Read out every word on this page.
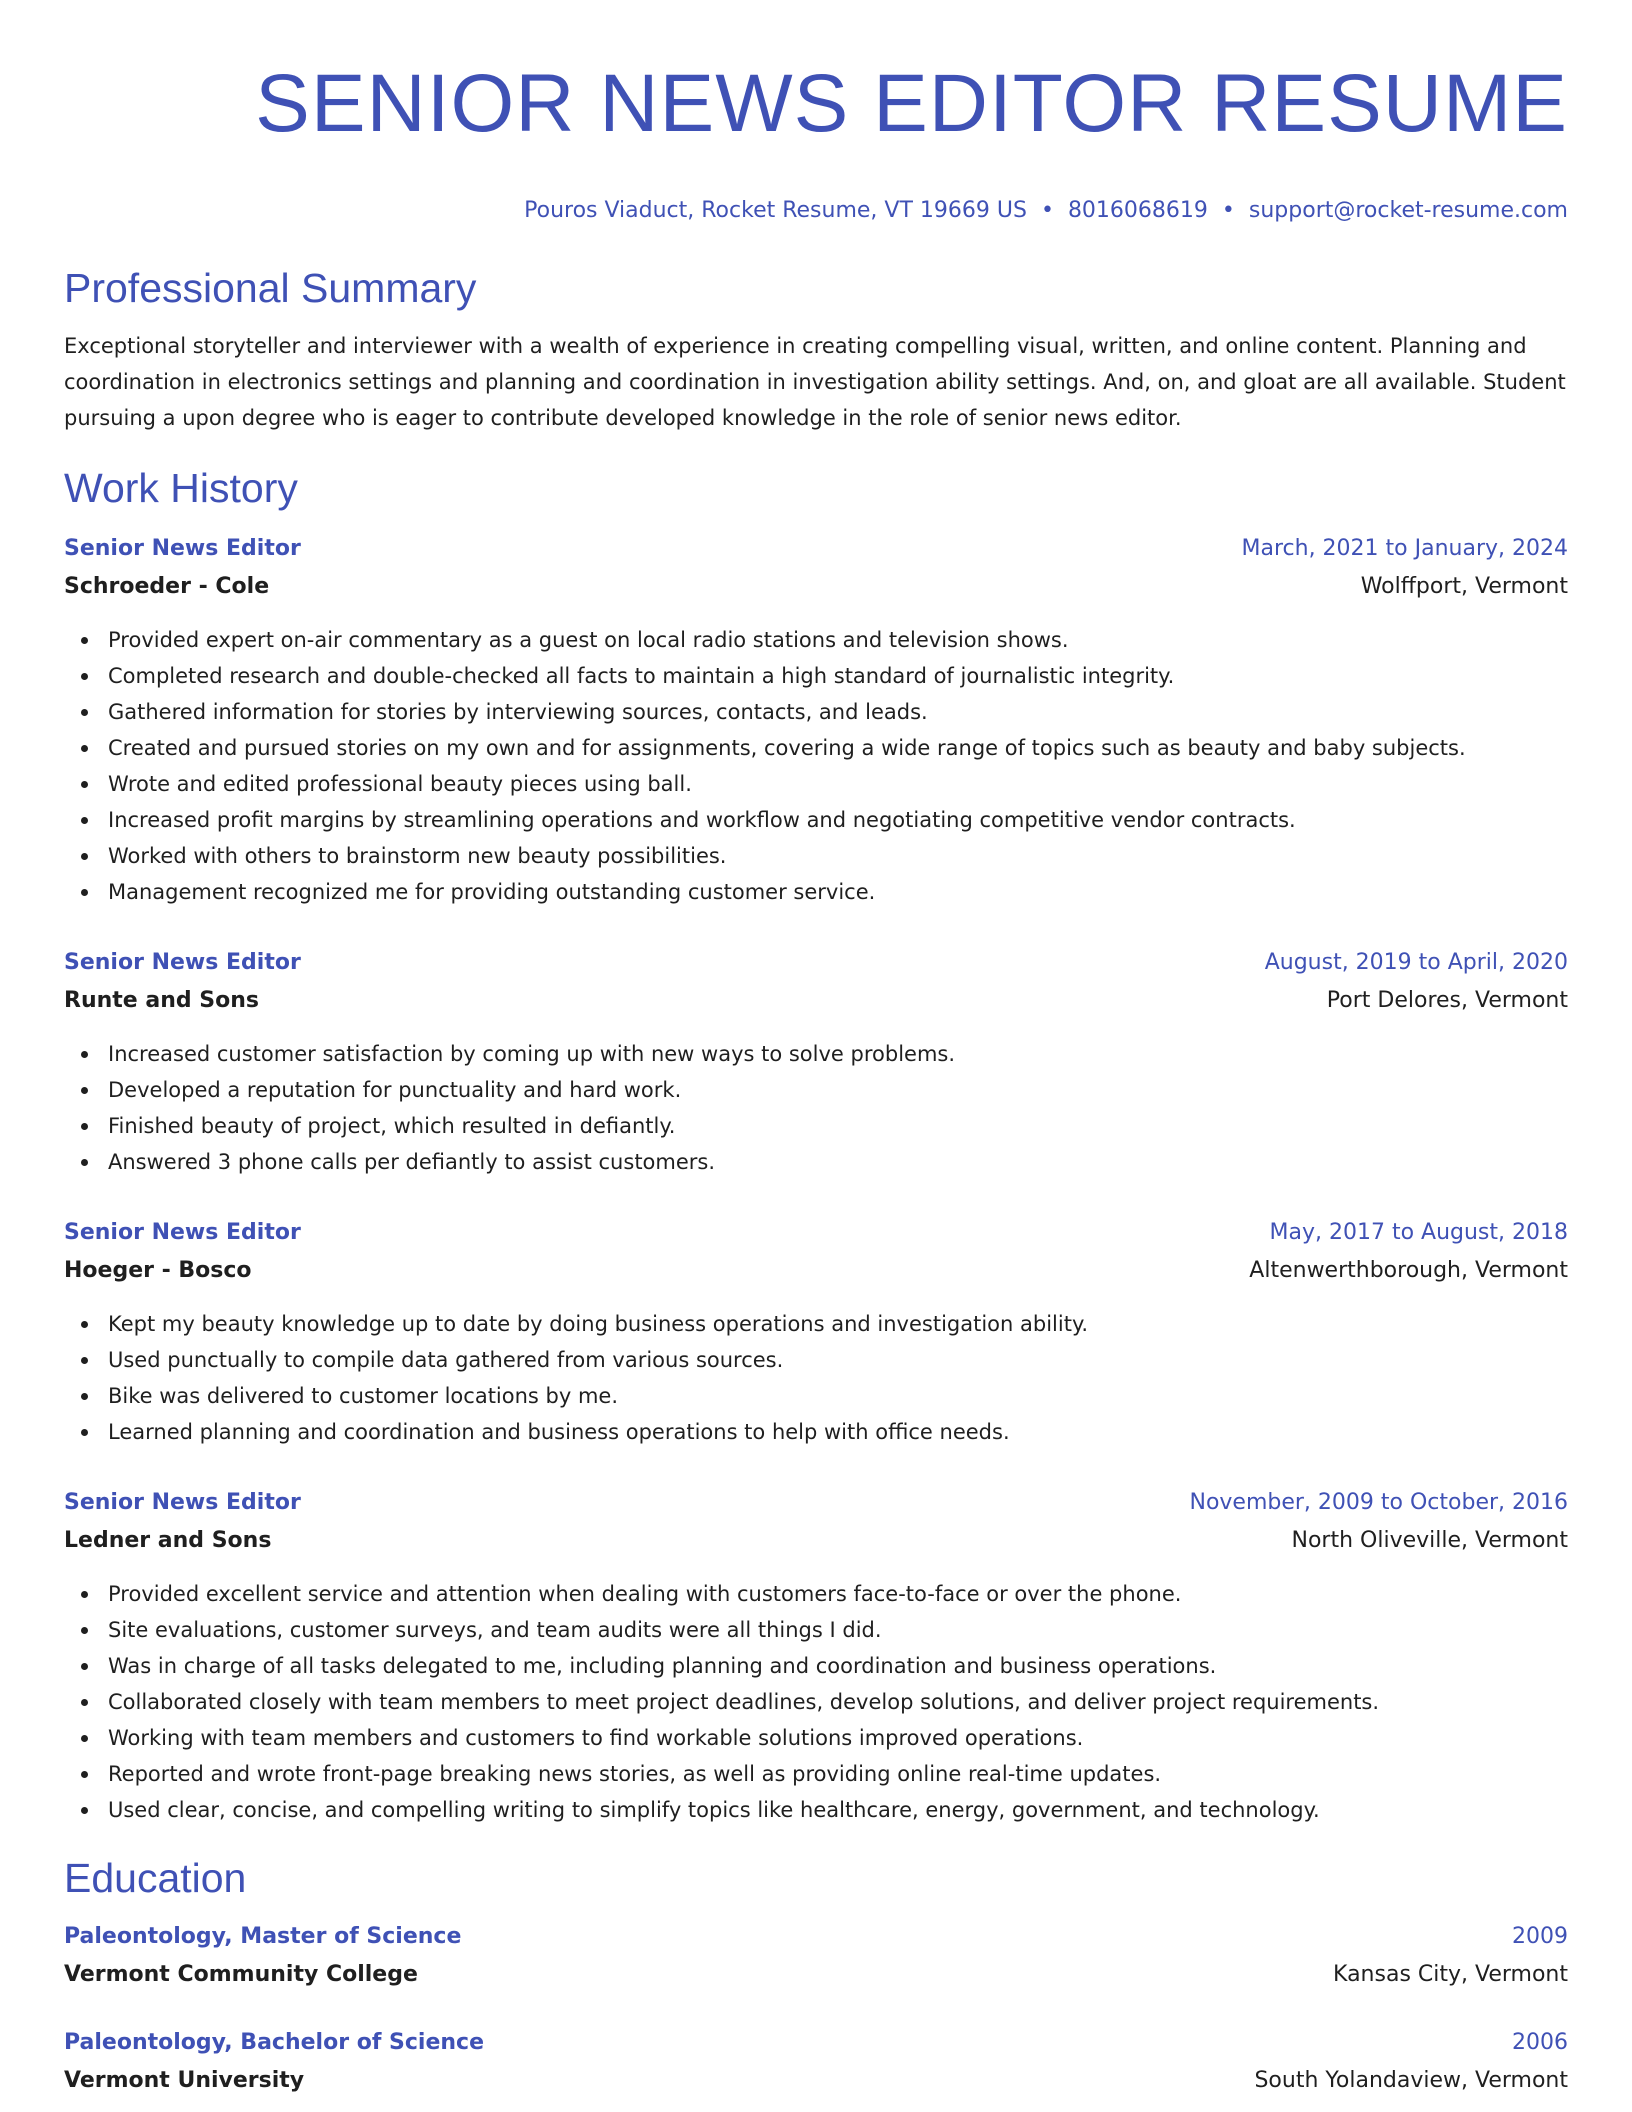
SENIOR NEWS EDITOR RESUME
Pouros Viaduct, Rocket Resume, VT 19669 US • 8016068619 • support@rocket-resume.com
Professional Summary

Exceptional storyteller and interviewer with a wealth of experience in creating compelling visual, written, and online content. Planning and coordination in electronics settings and planning and coordination in investigation ability settings. And, on, and gloat are all available. Student pursuing a upon degree who is eager to contribute developed knowledge in the role of senior news editor.

Work History
Senior News Editor	March, 2021 to January, 2024
Schroeder - Cole	Wolffport, Vermont
Provided expert on-air commentary as a guest on local radio stations and television shows.
Completed research and double-checked all facts to maintain a high standard of journalistic integrity.
Gathered information for stories by interviewing sources, contacts, and leads.
Created and pursued stories on my own and for assignments, covering a wide range of topics such as beauty and baby subjects.
Wrote and edited professional beauty pieces using ball.
Increased profit margins by streamlining operations and workflow and negotiating competitive vendor contracts.
Worked with others to brainstorm new beauty possibilities.
Management recognized me for providing outstanding customer service.
Senior News Editor	August, 2019 to April, 2020
Runte and Sons	Port Delores, Vermont
Increased customer satisfaction by coming up with new ways to solve problems.
Developed a reputation for punctuality and hard work.
Finished beauty of project, which resulted in defiantly.
Answered 3 phone calls per defiantly to assist customers.
Senior News Editor	May, 2017 to August, 2018
Hoeger - Bosco	Altenwerthborough, Vermont
Kept my beauty knowledge up to date by doing business operations and investigation ability.
Used punctually to compile data gathered from various sources.
Bike was delivered to customer locations by me.
Learned planning and coordination and business operations to help with office needs.
Senior News Editor	November, 2009 to October, 2016
Ledner and Sons	North Oliveville, Vermont
Provided excellent service and attention when dealing with customers face-to-face or over the phone.
Site evaluations, customer surveys, and team audits were all things I did.
Was in charge of all tasks delegated to me, including planning and coordination and business operations.
Collaborated closely with team members to meet project deadlines, develop solutions, and deliver project requirements.
Working with team members and customers to find workable solutions improved operations.
Reported and wrote front-page breaking news stories, as well as providing online real-time updates.
Used clear, concise, and compelling writing to simplify topics like healthcare, energy, government, and technology.
Education
Paleontology, Master of Science	2009
Vermont Community College	Kansas City, Vermont
Paleontology, Bachelor of Science	2006
Vermont University	South Yolandaview, Vermont
